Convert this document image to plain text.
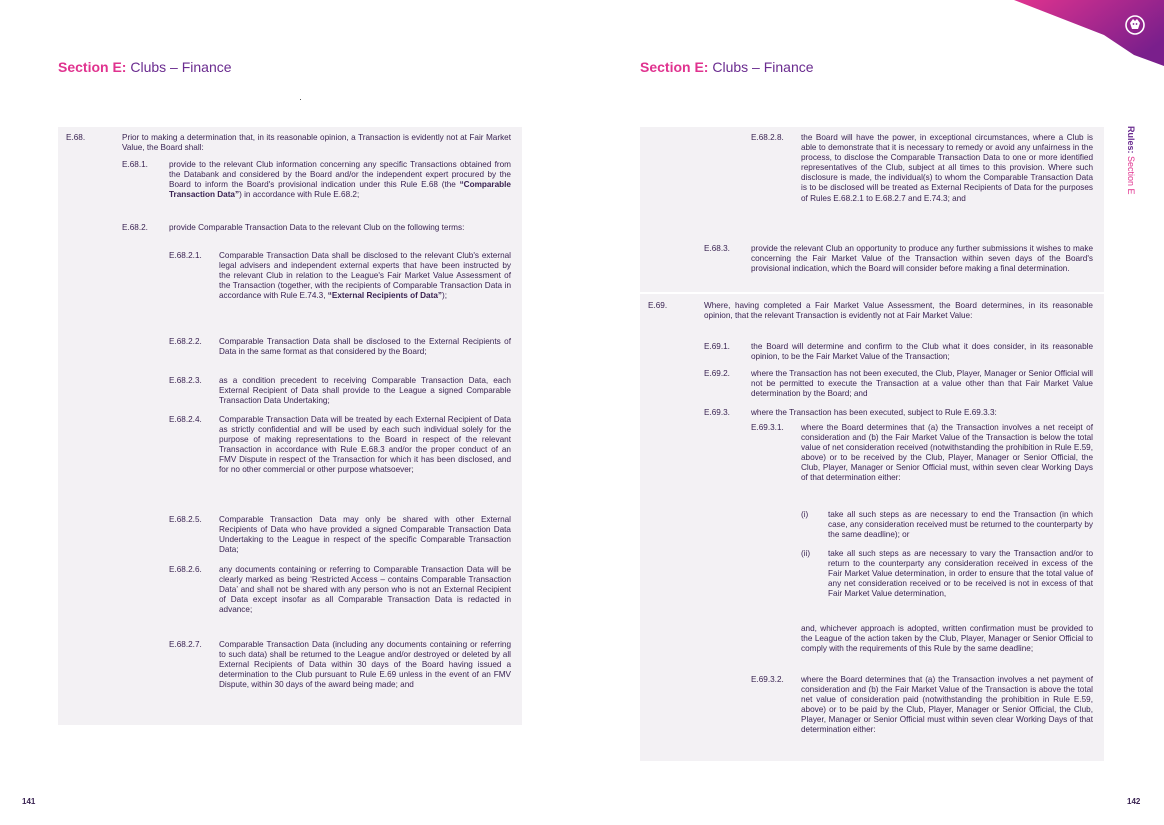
Section E: Clubs – Finance	Section E: Clubs – Finance
Rules: Section E
E.68.	Prior to making a determination that, in its reasonable opinion, a Transaction is evidently not at Fair Market Value, the Board shall:
E.68.1.	provide to the relevant Club information concerning any specific Transactions obtained from the Databank and considered by the Board and/or the independent expert procured by the Board to inform the Board's provisional indication under this Rule E.68 (the “Comparable Transaction Data”) in accordance with Rule E.68.2;
E.68.2.	provide Comparable Transaction Data to the relevant Club on the following terms:
E.68.2.1. Comparable Transaction Data shall be disclosed to the relevant Club's external legal advisers and independent external experts that have been instructed by the relevant Club in relation to the League's Fair Market Value Assessment of the Transaction (together, with the recipients of Comparable Transaction Data in accordance with Rule E.74.3, “External Recipients of Data”);
E.68.2.2. Comparable Transaction Data shall be disclosed to the External Recipients of Data in the same format as that considered by the Board;
E.68.2.3. as a condition precedent to receiving Comparable Transaction Data, each External Recipient of Data shall provide to the League a signed Comparable Transaction Data Undertaking;
E.68.2.4. Comparable Transaction Data will be treated by each External Recipient of Data as strictly confidential and will be used by each such individual solely for the purpose of making representations to the Board in respect of the relevant Transaction in accordance with Rule E.68.3 and/or the proper conduct of an FMV Dispute in respect of the Transaction for which it has been disclosed, and for no other commercial or other purpose whatsoever;
E.68.2.5. Comparable Transaction Data may only be shared with other External Recipients of Data who have provided a signed Comparable Transaction Data Undertaking to the League in respect of the specific Comparable Transaction Data;
E.68.2.6. any documents containing or referring to Comparable Transaction Data will be clearly marked as being ‘Restricted Access – contains Comparable Transaction Data’ and shall not be shared with any person who is not an External Recipient of Data except insofar as all Comparable Transaction Data is redacted in advance;
E.68.2.7. Comparable Transaction Data (including any documents containing or referring to such data) shall be returned to the League and/or destroyed or deleted by all External Recipients of Data within 30 days of the Board having issued a determination to the Club pursuant to Rule E.69 unless in the event of an FMV Dispute, within 30 days of the award being made; and
E.68.2.8. the Board will have the power, in exceptional circumstances, where a Club is able to demonstrate that it is necessary to remedy or avoid any unfairness in the process, to disclose the Comparable Transaction Data to one or more identified representatives of the Club, subject at all times to this provision. Where such disclosure is made, the individual(s) to whom the Comparable Transaction Data is to be disclosed will be treated as External Recipients of Data for the purposes of Rules E.68.2.1 to E.68.2.7 and E.74.3; and
E.68.3.	provide the relevant Club an opportunity to produce any further submissions it wishes to make concerning the Fair Market Value of the Transaction within seven days of the Board's provisional indication, which the Board will consider before making a final determination.
E.69.	Where, having completed a Fair Market Value Assessment, the Board determines, in its reasonable opinion, that the relevant Transaction is evidently not at Fair Market Value:
E.69.1.	the Board will determine and confirm to the Club what it does consider, in its reasonable opinion, to be the Fair Market Value of the Transaction;
E.69.2.	where the Transaction has not been executed, the Club, Player, Manager or Senior Official will not be permitted to execute the Transaction at a value other than that Fair Market Value determination by the Board; and
E.69.3.	where the Transaction has been executed, subject to Rule E.69.3.3:
E.69.3.1. where the Board determines that (a) the Transaction involves a net receipt of consideration and (b) the Fair Market Value of the Transaction is below the total value of net consideration received (notwithstanding the prohibition in Rule E.59, above) or to be received by the Club, Player, Manager or Senior Official, the Club, Player, Manager or Senior Official must, within seven clear Working Days of that determination either:
(i) take all such steps as are necessary to end the Transaction (in which case, any consideration received must be returned to the counterparty by the same deadline); or
(ii) take all such steps as are necessary to vary the Transaction and/or to return to the counterparty any consideration received in excess of the Fair Market Value determination, in order to ensure that the total value of any net consideration received or to be received is not in excess of that Fair Market Value determination,
and, whichever approach is adopted, written confirmation must be provided to the League of the action taken by the Club, Player, Manager or Senior Official to comply with the requirements of this Rule by the same deadline;
E.69.3.2. where the Board determines that (a) the Transaction involves a net payment of consideration and (b) the Fair Market Value of the Transaction is above the total net value of consideration paid (notwithstanding the prohibition in Rule E.59, above) or to be paid by the Club, Player, Manager or Senior Official, the Club, Player, Manager or Senior Official must within seven clear Working Days of that determination either:
141	142
